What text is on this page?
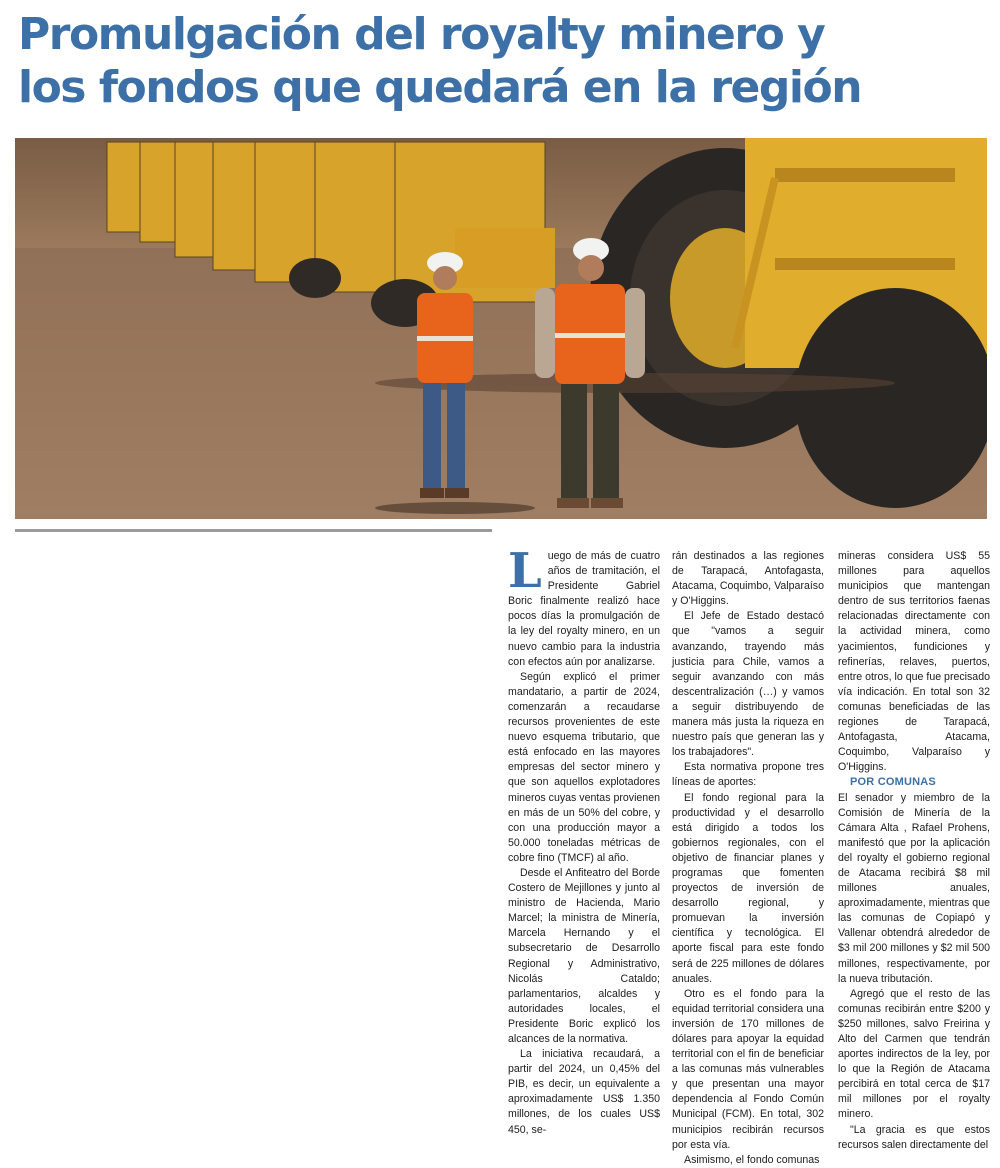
Promulgación del royalty minero y
los fondos que quedará en la región

Luego de más de cuatro años de tramitación, el Presidente Gabriel Boric finalmente realizó hace pocos días la promulgación de la ley del royalty minero, en un nuevo cambio para la industria con efectos aún por analizarse.

Según explicó el primer mandatario, a partir de 2024, comenzarán a recaudarse recursos provenientes de este nuevo esquema tributario, que está enfocado en las mayores empresas del sector minero y que son aquellos explotadores mineros cuyas ventas provienen en más de un 50% del cobre, y con una producción mayor a 50.000 toneladas métricas de cobre fino (TMCF) al año.

Desde el Anfiteatro del Borde Costero de Mejillones y junto al ministro de Hacienda, Mario Marcel; la ministra de Minería, Marcela Hernando y el subsecretario de Desarrollo Regional y Administrativo, Nicolás Cataldo; parlamentarios, alcaldes y autoridades locales, el Presidente Boric explicó los alcances de la normativa.

La iniciativa recaudará, a partir del 2024, un 0,45% del PIB, es decir, un equivalente a aproximadamente US$ 1.350 millones, de los cuales US$ 450, se-

rán destinados a las regiones de Tarapacá, Antofagasta, Atacama, Coquimbo, Valparaíso y O'Higgins.

El Jefe de Estado destacó que "vamos a seguir avanzando, trayendo más justicia para Chile, vamos a seguir avanzando con más descentralización (…) y vamos a seguir distribuyendo de manera más justa la riqueza en nuestro país que generan las y los trabajadores".

Esta normativa propone tres líneas de aportes:

El fondo regional para la productividad y el desarrollo está dirigido a todos los gobiernos regionales, con el objetivo de financiar planes y programas que fomenten proyectos de inversión de desarrollo regional, y promuevan la inversión científica y tecnológica. El aporte fiscal para este fondo será de 225 millones de dólares anuales.

Otro es el fondo para la equidad territorial considera una inversión de 170 millones de dólares para apoyar la equidad territorial con el fin de beneficiar a las comunas más vulnerables y que presentan una mayor dependencia al Fondo Común Municipal (FCM). En total, 302 municipios recibirán recursos por esta vía.

Asimismo, el fondo comunas

mineras considera US$ 55 millones para aquellos municipios que mantengan dentro de sus territorios faenas relacionadas directamente con la actividad minera, como yacimientos, fundiciones y refinerías, relaves, puertos, entre otros, lo que fue precisado vía indicación. En total son 32 comunas beneficiadas de las regiones de Tarapacá, Antofagasta, Atacama, Coquimbo, Valparaíso y O'Higgins.

POR COMUNAS

El senador y miembro de la Comisión de Minería de la Cámara Alta , Rafael Prohens, manifestó que por la aplicación del royalty el gobierno regional de Atacama recibirá $8 mil millones anuales, aproximadamente, mientras que las comunas de Copiapó y Vallenar obtendrá alrededor de $3 mil 200 millones y $2 mil 500 millones, respectivamente, por la nueva tributación.

Agregó que el resto de las comunas recibirán entre $200 y $250 millones, salvo Freirina y Alto del Carmen que tendrán aportes indirectos de la ley, por lo que la Región de Atacama percibirá en total cerca de $17 mil millones por el royalty minero.

"La gracia es que estos recursos salen directamente del
